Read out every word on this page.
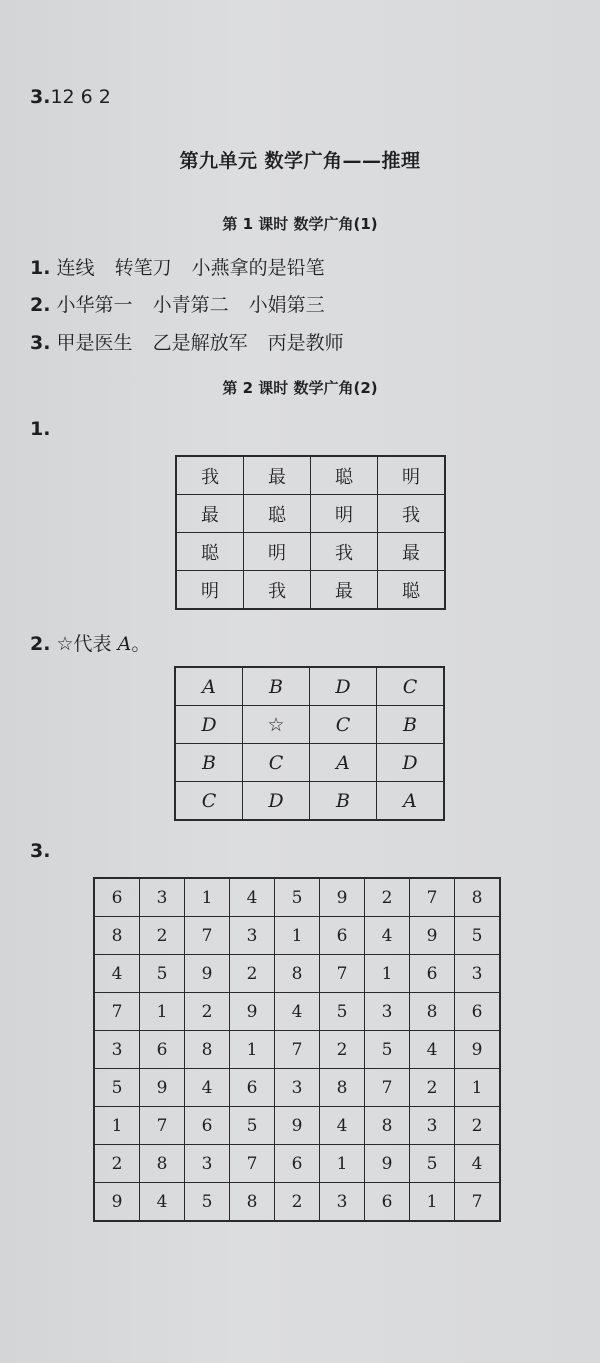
3.12 6 2
第九单元 数学广角——推理
第 1 课时 数学广角(1)
1. 连线 转笔刀 小燕拿的是铅笔
2. 小华第一 小青第二 小娟第三
3. 甲是医生 乙是解放军 丙是教师
第 2 课时 数学广角(2)
1.
我	最	聪	明
最	聪	明	我
聪	明	我	最
明	我	最	聪
2. ☆代表 A。
A	B	D	C
D	☆	C	B
B	C	A	D
C	D	B	A
3.
6	3	1	4	5	9	2	7	8
8	2	7	3	1	6	4	9	5
4	5	9	2	8	7	1	6	3
7	1	2	9	4	5	3	8	6
3	6	8	1	7	2	5	4	9
5	9	4	6	3	8	7	2	1
1	7	6	5	9	4	8	3	2
2	8	3	7	6	1	9	5	4
9	4	5	8	2	3	6	1	7
